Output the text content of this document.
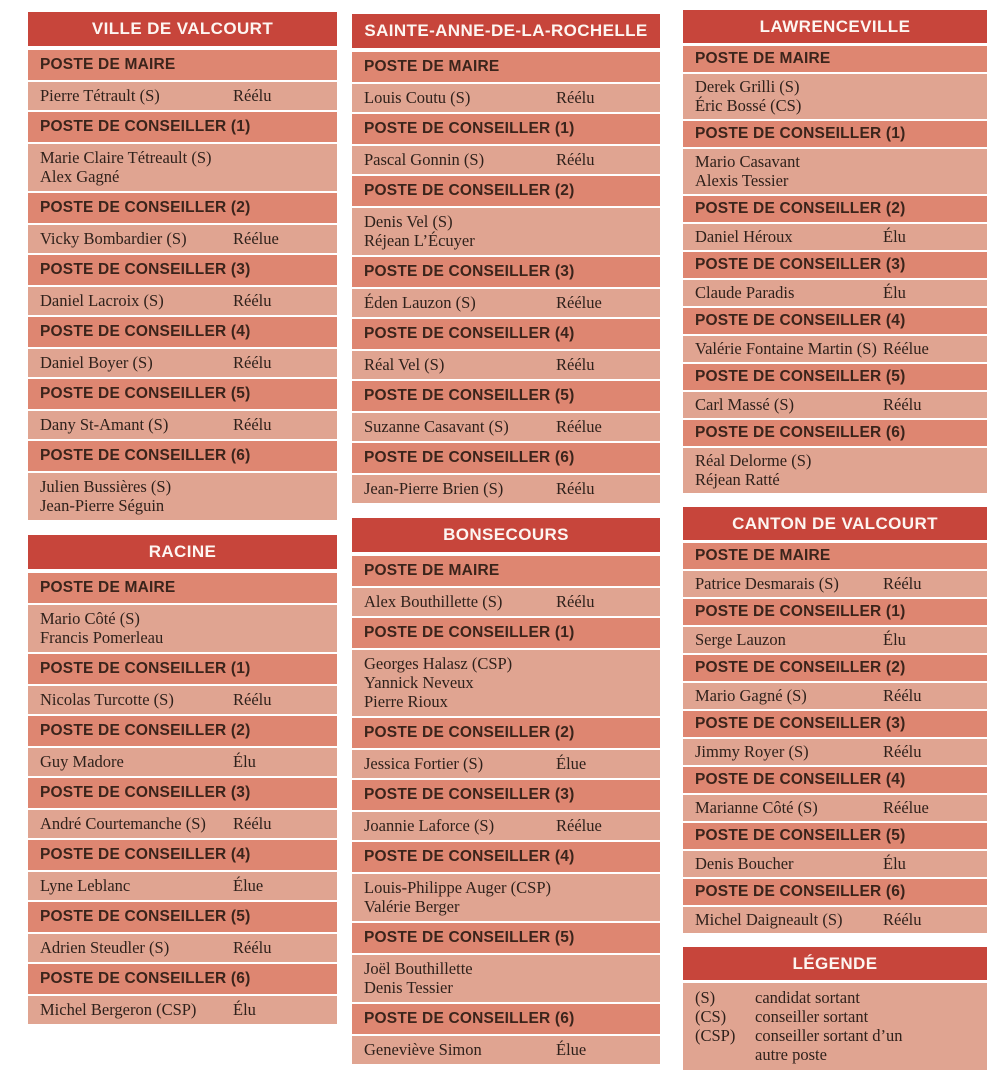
VILLE DE VALCOURT
POSTE DE MAIRE
Pierre Tétrault (S)	Réélu
POSTE DE CONSEILLER (1)
Marie Claire Tétreault (S)
Alex Gagné
POSTE DE CONSEILLER (2)
Vicky Bombardier (S)	Réélue
POSTE DE CONSEILLER (3)
Daniel Lacroix (S)	Réélu
POSTE DE CONSEILLER (4)
Daniel Boyer (S)	Réélu
POSTE DE CONSEILLER (5)
Dany St-Amant (S)	Réélu
POSTE DE CONSEILLER (6)
Julien Bussières (S)
Jean-Pierre Séguin
RACINE
POSTE DE MAIRE
Mario Côté (S)
Francis Pomerleau
POSTE DE CONSEILLER (1)
Nicolas Turcotte (S)	Réélu
POSTE DE CONSEILLER (2)
Guy Madore	Élu
POSTE DE CONSEILLER (3)
André Courtemanche (S)	Réélu
POSTE DE CONSEILLER (4)
Lyne Leblanc	Élue
POSTE DE CONSEILLER (5)
Adrien Steudler (S)	Réélu
POSTE DE CONSEILLER (6)
Michel Bergeron (CSP)	Élu
SAINTE-ANNE-DE-LA-ROCHELLE
POSTE DE MAIRE
Louis Coutu (S)	Réélu
POSTE DE CONSEILLER (1)
Pascal Gonnin (S)	Réélu
POSTE DE CONSEILLER (2)
Denis Vel (S)
Réjean L’Écuyer
POSTE DE CONSEILLER (3)
Éden Lauzon (S)	Réélue
POSTE DE CONSEILLER (4)
Réal Vel (S)	Réélu
POSTE DE CONSEILLER (5)
Suzanne Casavant (S)	Réélue
POSTE DE CONSEILLER (6)
Jean-Pierre Brien (S)	Réélu
BONSECOURS
POSTE DE MAIRE
Alex Bouthillette (S)	Réélu
POSTE DE CONSEILLER (1)
Georges Halasz (CSP)
Yannick Neveux
Pierre Rioux
POSTE DE CONSEILLER (2)
Jessica Fortier (S)	Élue
POSTE DE CONSEILLER (3)
Joannie Laforce (S)	Réélue
POSTE DE CONSEILLER (4)
Louis-Philippe Auger (CSP)
Valérie Berger
POSTE DE CONSEILLER (5)
Joël Bouthillette
Denis Tessier
POSTE DE CONSEILLER (6)
Geneviève Simon	Élue
LAWRENCEVILLE
POSTE DE MAIRE
Derek Grilli (S)
Éric Bossé (CS)
POSTE DE CONSEILLER (1)
Mario Casavant
Alexis Tessier
POSTE DE CONSEILLER (2)
Daniel Héroux	Élu
POSTE DE CONSEILLER (3)
Claude Paradis	Élu
POSTE DE CONSEILLER (4)
Valérie Fontaine Martin (S) Réélue
POSTE DE CONSEILLER (5)
Carl Massé (S)	Réélu
POSTE DE CONSEILLER (6)
Réal Delorme (S)
Réjean Ratté
CANTON DE VALCOURT
POSTE DE MAIRE
Patrice Desmarais (S)	Réélu
POSTE DE CONSEILLER (1)
Serge Lauzon	Élu
POSTE DE CONSEILLER (2)
Mario Gagné (S)	Réélu
POSTE DE CONSEILLER (3)
Jimmy Royer (S)	Réélu
POSTE DE CONSEILLER (4)
Marianne Côté (S)	Réélue
POSTE DE CONSEILLER (5)
Denis Boucher	Élu
POSTE DE CONSEILLER (6)
Michel Daigneault (S)	Réélu
LÉGENDE
(S)	candidat sortant
(CS)	conseiller sortant
(CSP)	conseiller sortant d’un autre poste
